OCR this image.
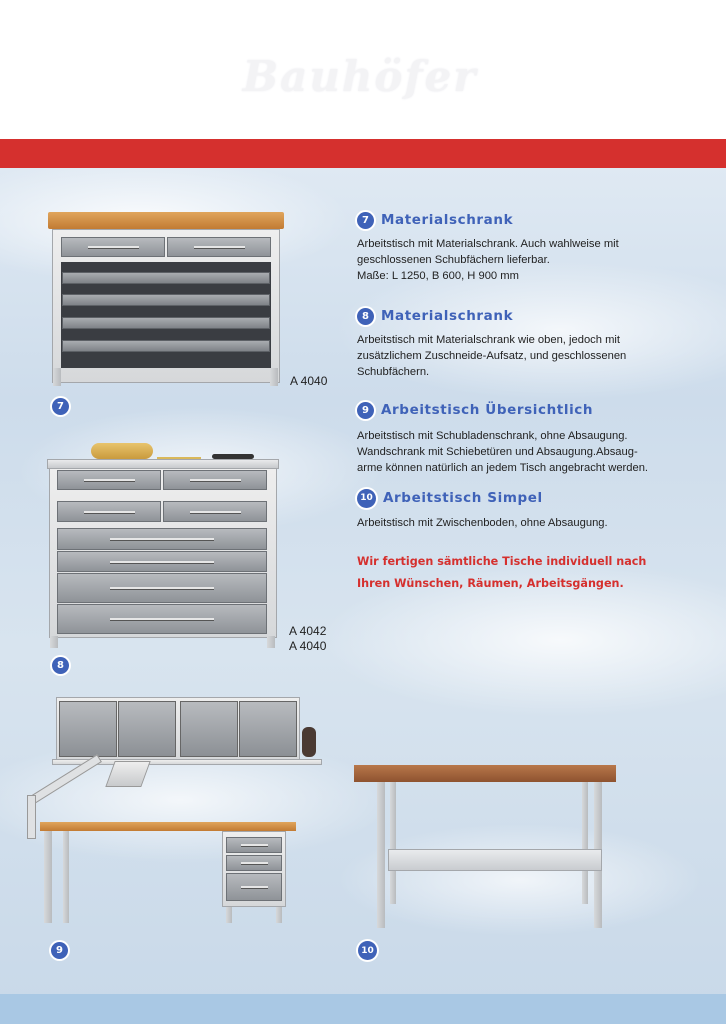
Bauhöfer
A 4040
7
A 4042
A 4040
8
9	10
7 Materialschrank
Arbeitstisch mit Materialschrank. Auch wahlweise mit
geschlossenen Schubfächern lieferbar.
Maße: L 1250, B 600, H 900 mm
8 Materialschrank
Arbeitstisch mit Materialschrank wie oben, jedoch mit
zusätzlichem Zuschneide-Aufsatz, und geschlossenen
Schubfächern.
9 Arbeitstisch Übersichtlich
Arbeitstisch mit Schubladenschrank, ohne Absaugung.
Wandschrank mit Schiebetüren und Absaugung.Absaug-
arme können natürlich an jedem Tisch angebracht werden.
10 Arbeitstisch Simpel
Arbeitstisch mit Zwischenboden, ohne Absaugung.
Wir fertigen sämtliche Tische individuell nach
Ihren Wünschen, Räumen, Arbeitsgängen.
